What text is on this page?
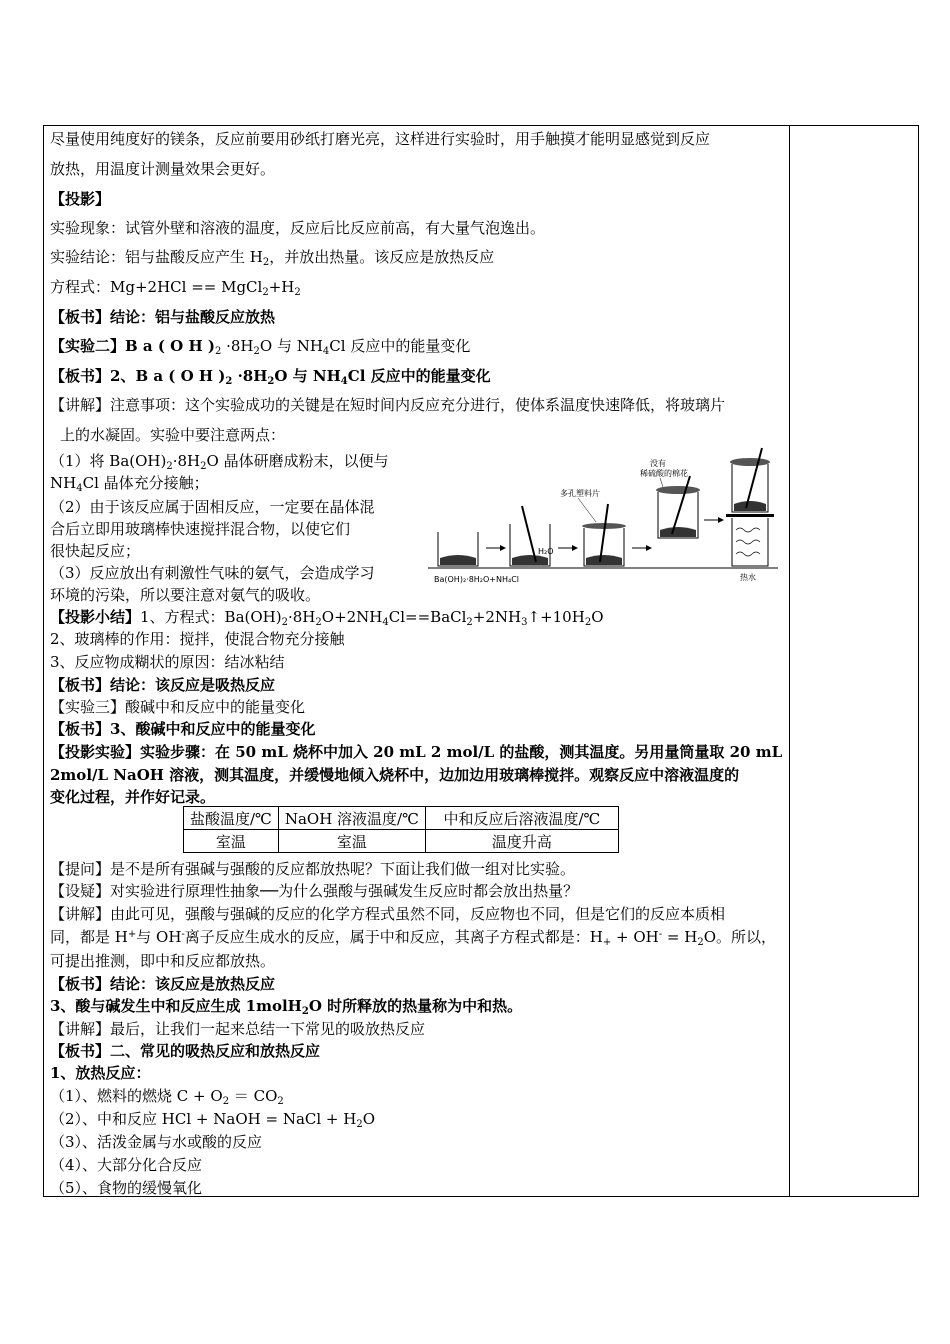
尽量使用纯度好的镁条，反应前要用砂纸打磨光亮，这样进行实验时，用手触摸才能明显感觉到反应
放热，用温度计测量效果会更好。
【投影】
实验现象：试管外壁和溶液的温度，反应后比反应前高，有大量气泡逸出。
实验结论：铝与盐酸反应产生 $H_2$，并放出热量。该反应是放热反应
方程式：$Mg+2HCl == MgCl_2+H_2$
【板书】结论：铝与盐酸反应放热
【实验二】B a ( O H )$_2 \cdot 8H_2O$ 与 $NH_4Cl$ 反应中的能量变化
【板书】2、B a ( O H )$_2 \cdot 8H_2O$ 与 $NH_4Cl$ 反应中的能量变化
【讲解】注意事项：这个实验成功的关键是在短时间内反应充分进行，使体系温度快速降低，将玻璃片
上的水凝固。实验中要注意两点：
（1）将 $Ba(OH)_2\cdot 8H_2O$ 晶体研磨成粉末，以便与
$NH_4Cl$ 晶体充分接触；
（2）由于该反应属于固相反应，一定要在晶体混
合后立即用玻璃棒快速搅拌混合物，以使它们
很快起反应；
（3）反应放出有刺激性气味的氨气，会造成学习
环境的污染，所以要注意对氨气的吸收。
【投影小结】1、方程式：$Ba(OH)_2\cdot 8H_2O+2NH_4Cl==BaCl_2+2NH_3↑+10H_2O$
2、玻璃棒的作用：搅拌，使混合物充分接触
3、反应物成糊状的原因：结冰粘结
【板书】结论：该反应是吸热反应
【实验三】酸碱中和反应中的能量变化
【板书】3、酸碱中和反应中的能量变化
【投影实验】实验步骤：在 50 mL 烧杯中加入 20 mL 2 mol/L 的盐酸，测其温度。另用量筒量取 20 mL
2mol/L NaOH 溶液，测其温度，并缓慢地倾入烧杯中，边加边用玻璃棒搅拌。观察反应中溶液温度的
变化过程，并作好记录。
【提问】是不是所有强碱与强酸的反应都放热呢？下面让我们做一组对比实验。
【设疑】对实验进行原理性抽象──为什么强酸与强碱发生反应时都会放出热量？
【讲解】由此可见，强酸与强碱的反应的化学方程式虽然不同，反应物也不同，但是它们的反应本质相
同，都是 H+与 OH-离子反应生成水的反应，属于中和反应，其离子方程式都是：$H_+ + OH^- = H_2O$。所以，
可提出推测，即中和反应都放热。
【板书】结论：该反应是放热反应
3、酸与碱发生中和反应生成 1molH$_2$O 时所释放的热量称为中和热。
【讲解】最后，让我们一起来总结一下常见的吸放热反应
【板书】二、常见的吸热反应和放热反应
1、放热反应：
（1）、燃料的燃烧 $C + O_2 = CO_2$
（2）、中和反应 HCl + NaOH = NaCl + $H_2O$
（3）、活泼金属与水或酸的反应
（4）、大部分化合反应
（5）、食物的缓慢氧化
盐酸温度/℃	NaOH 溶液温度/℃	中和反应后溶液温度/℃
室温	室温	温度升高
H₂O
多孔塑料片
没有
稀硫酸的棉花
Ba(OH)₂·8H₂O+NH₄Cl	热水
